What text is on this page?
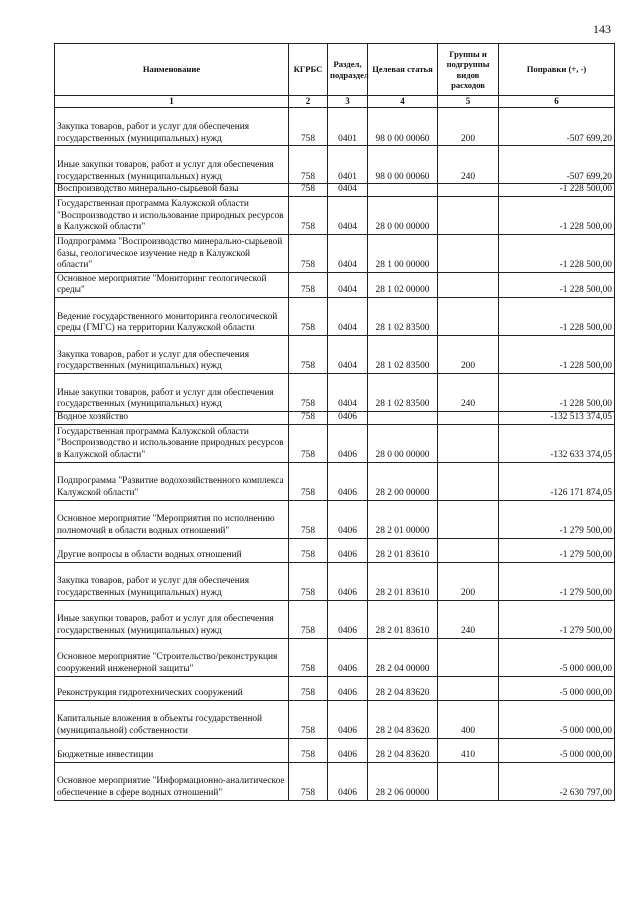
143
Наименование	КГРБС	Раздел, подраздел	Целевая статья	Группы и подгруппы видов расходов	Поправки (+, -)
1	2	3	4	5	6
Закупка товаров, работ и услуг для обеспечения государственных (муниципальных) нужд	758	0401	98 0 00 00060	200	-507 699,20
Иные закупки товаров, работ и услуг для обеспечения государственных (муниципальных) нужд	758	0401	98 0 00 00060	240	-507 699,20
Воспроизводство минерально-сырьевой базы	758	0404			-1 228 500,00
Государственная программа Калужской области "Воспроизводство и использование природных ресурсов в Калужской области"	758	0404	28 0 00 00000		-1 228 500,00
Подпрограмма "Воспроизводство минерально-сырьевой базы, геологическое изучение недр в Калужской области"	758	0404	28 1 00 00000		-1 228 500,00
Основное мероприятие "Мониторинг геологической среды"	758	0404	28 1 02 00000		-1 228 500,00
Ведение государственного мониторинга геологической среды (ГМГС) на территории Калужской области	758	0404	28 1 02 83500		-1 228 500,00
Закупка товаров, работ и услуг для обеспечения государственных (муниципальных) нужд	758	0404	28 1 02 83500	200	-1 228 500,00
Иные закупки товаров, работ и услуг для обеспечения государственных (муниципальных) нужд	758	0404	28 1 02 83500	240	-1 228 500,00
Водное хозяйство	758	0406			-132 513 374,05
Государственная программа Калужской области "Воспроизводство и использование природных ресурсов в Калужской области"	758	0406	28 0 00 00000		-132 633 374,05
Подпрограмма "Развитие водохозяйственного комплекса Калужской области"	758	0406	28 2 00 00000		-126 171 874,05
Основное мероприятие "Мероприятия по исполнению полномочий в области водных отношений"	758	0406	28 2 01 00000		-1 279 500,00
Другие вопросы в области водных отношений	758	0406	28 2 01 83610		-1 279 500,00
Закупка товаров, работ и услуг для обеспечения государственных (муниципальных) нужд	758	0406	28 2 01 83610	200	-1 279 500,00
Иные закупки товаров, работ и услуг для обеспечения государственных (муниципальных) нужд	758	0406	28 2 01 83610	240	-1 279 500,00
Основное мероприятие "Строительство/реконструкция сооружений инженерной защиты"	758	0406	28 2 04 00000		-5 000 000,00
Реконструкция гидротехнических сооружений	758	0406	28 2 04 83620		-5 000 000,00
Капитальные вложения в объекты государственной (муниципальной) собственности	758	0406	28 2 04 83620	400	-5 000 000,00
Бюджетные инвестиции	758	0406	28 2 04 83620	410	-5 000 000,00
Основное мероприятие "Информационно-аналитическое обеспечение в сфере водных отношений"	758	0406	28 2 06 00000		-2 630 797,00
